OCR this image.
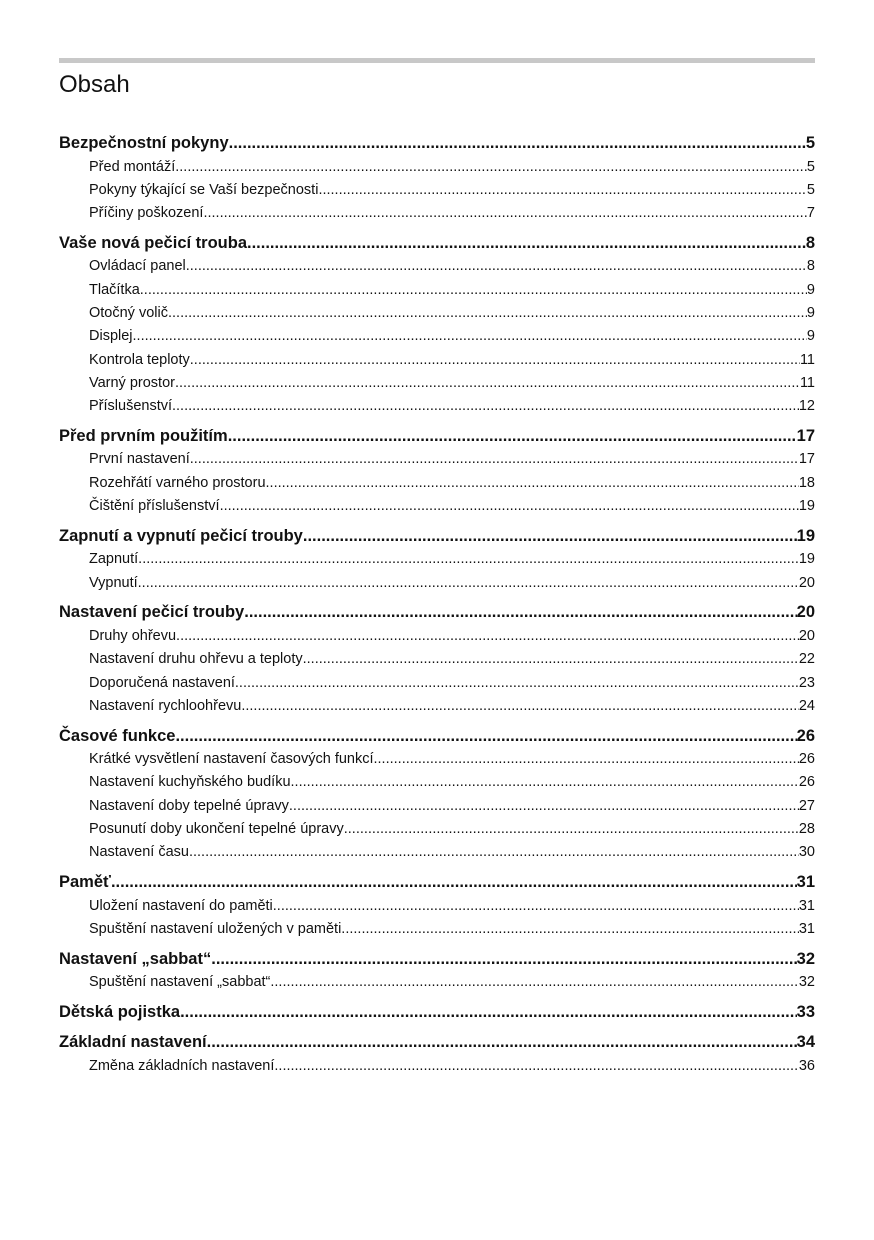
Obsah
Bezpečnostní pokyny .....	5
Před montáží .....	5
Pokyny týkající se Vaší bezpečnosti .....	5
Příčiny poškození .....	7
Vaše nová pečicí trouba .....	8
Ovládací panel .....	8
Tlačítka .....	9
Otočný volič .....	9
Displej .....	9
Kontrola teploty .....	11
Varný prostor .....	11
Příslušenství .....	12
Před prvním použitím .....	17
První nastavení .....	17
Rozehřátí varného prostoru .....	18
Čištění příslušenství .....	19
Zapnutí a vypnutí pečicí trouby .....	19
Zapnutí .....	19
Vypnutí .....	20
Nastavení pečicí trouby .....	20
Druhy ohřevu .....	20
Nastavení druhu ohřevu a teploty .....	22
Doporučená nastavení .....	23
Nastavení rychloohřevu .....	24
Časové funkce .....	26
Krátké vysvětlení nastavení časových funkcí .....	26
Nastavení kuchyňského budíku .....	26
Nastavení doby tepelné úpravy .....	27
Posunutí doby ukončení tepelné úpravy .....	28
Nastavení času .....	30
Paměť .....	31
Uložení nastavení do paměti .....	31
Spuštění nastavení uložených v paměti .....	31
Nastavení „sabbat“ .....	32
Spuštění nastavení „sabbat“ .....	32
Dětská pojistka .....	33
Základní nastavení .....	34
Změna základních nastavení .....	36
